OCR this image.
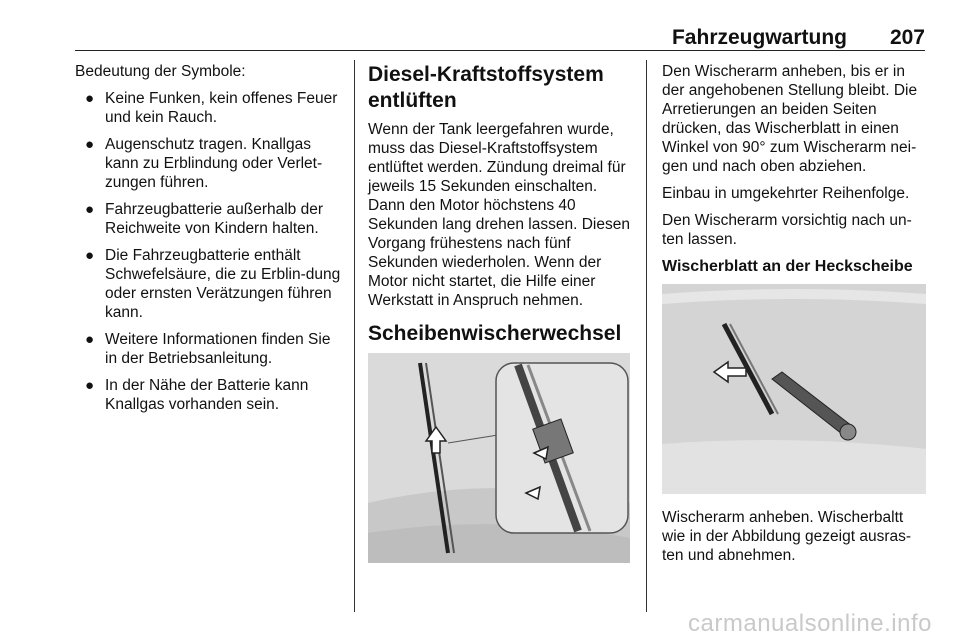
Fahrzeugwartung 207

Bedeutung der Symbole:

● Keine Funken, kein offenes Feuer und kein Rauch.
● Augenschutz tragen. Knallgas kann zu Erblindung oder Verlet-zungen führen.
● Fahrzeugbatterie außerhalb der Reichweite von Kindern halten.
● Die Fahrzeugbatterie enthält Schwefelsäure, die zu Erblin-dung oder ernsten Verätzungen führen kann.
● Weitere Informationen finden Sie in der Betriebsanleitung.
● In der Nähe der Batterie kann Knallgas vorhanden sein.
Diesel-Kraftstoffsystem entlüften

Wenn der Tank leergefahren wurde, muss das Diesel-Kraftstoffsystem entlüftet werden. Zündung dreimal für jeweils 15 Sekunden einschalten. Dann den Motor höchstens 40 Sekunden lang drehen lassen. Diesen Vorgang frühestens nach fünf Sekunden wiederholen. Wenn der Motor nicht startet, die Hilfe einer Werkstatt in Anspruch nehmen.

Scheibenwischerwechsel

Den Wischerarm anheben, bis er in der angehobenen Stellung bleibt. Die Arretierungen an beiden Seiten drücken, das Wischerblatt in einen Winkel von 90° zum Wischerarm nei-gen und nach oben abziehen.

Einbau in umgekehrter Reihenfolge.

Den Wischerarm vorsichtig nach un-ten lassen.

Wischerblatt an der Heckscheibe

Wischerarm anheben. Wischerbaltt wie in der Abbildung gezeigt ausras-ten und abnehmen.

carmanualsonline.info
